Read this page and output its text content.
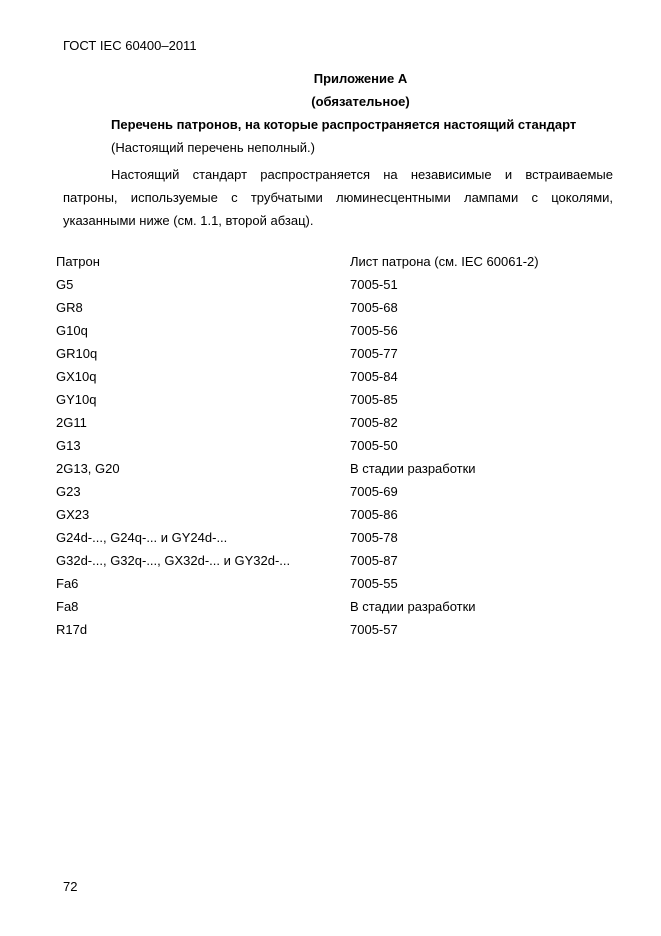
ГОСТ IEC 60400–2011
Приложение А
(обязательное)
Перечень патронов, на которые распространяется настоящий стандарт
(Настоящий перечень неполный.)
Настоящий стандарт распространяется на независимые и встраиваемые патроны, используемые с трубчатыми люминесцентными лампами с цоколями, указанными ниже (см. 1.1, второй абзац).
Патрон	Лист патрона (см. IEC 60061-2)
G5	7005-51
GR8	7005-68
G10q	7005-56
GR10q	7005-77
GX10q	7005-84
GY10q	7005-85
2G11	7005-82
G13	7005-50
2G13, G20	В стадии разработки
G23	7005-69
GX23	7005-86
G24d-..., G24q-... и GY24d-...	7005-78
G32d-..., G32q-..., GX32d-... и GY32d-...	7005-87
Fa6	7005-55
Fa8	В стадии разработки
R17d	7005-57
72
